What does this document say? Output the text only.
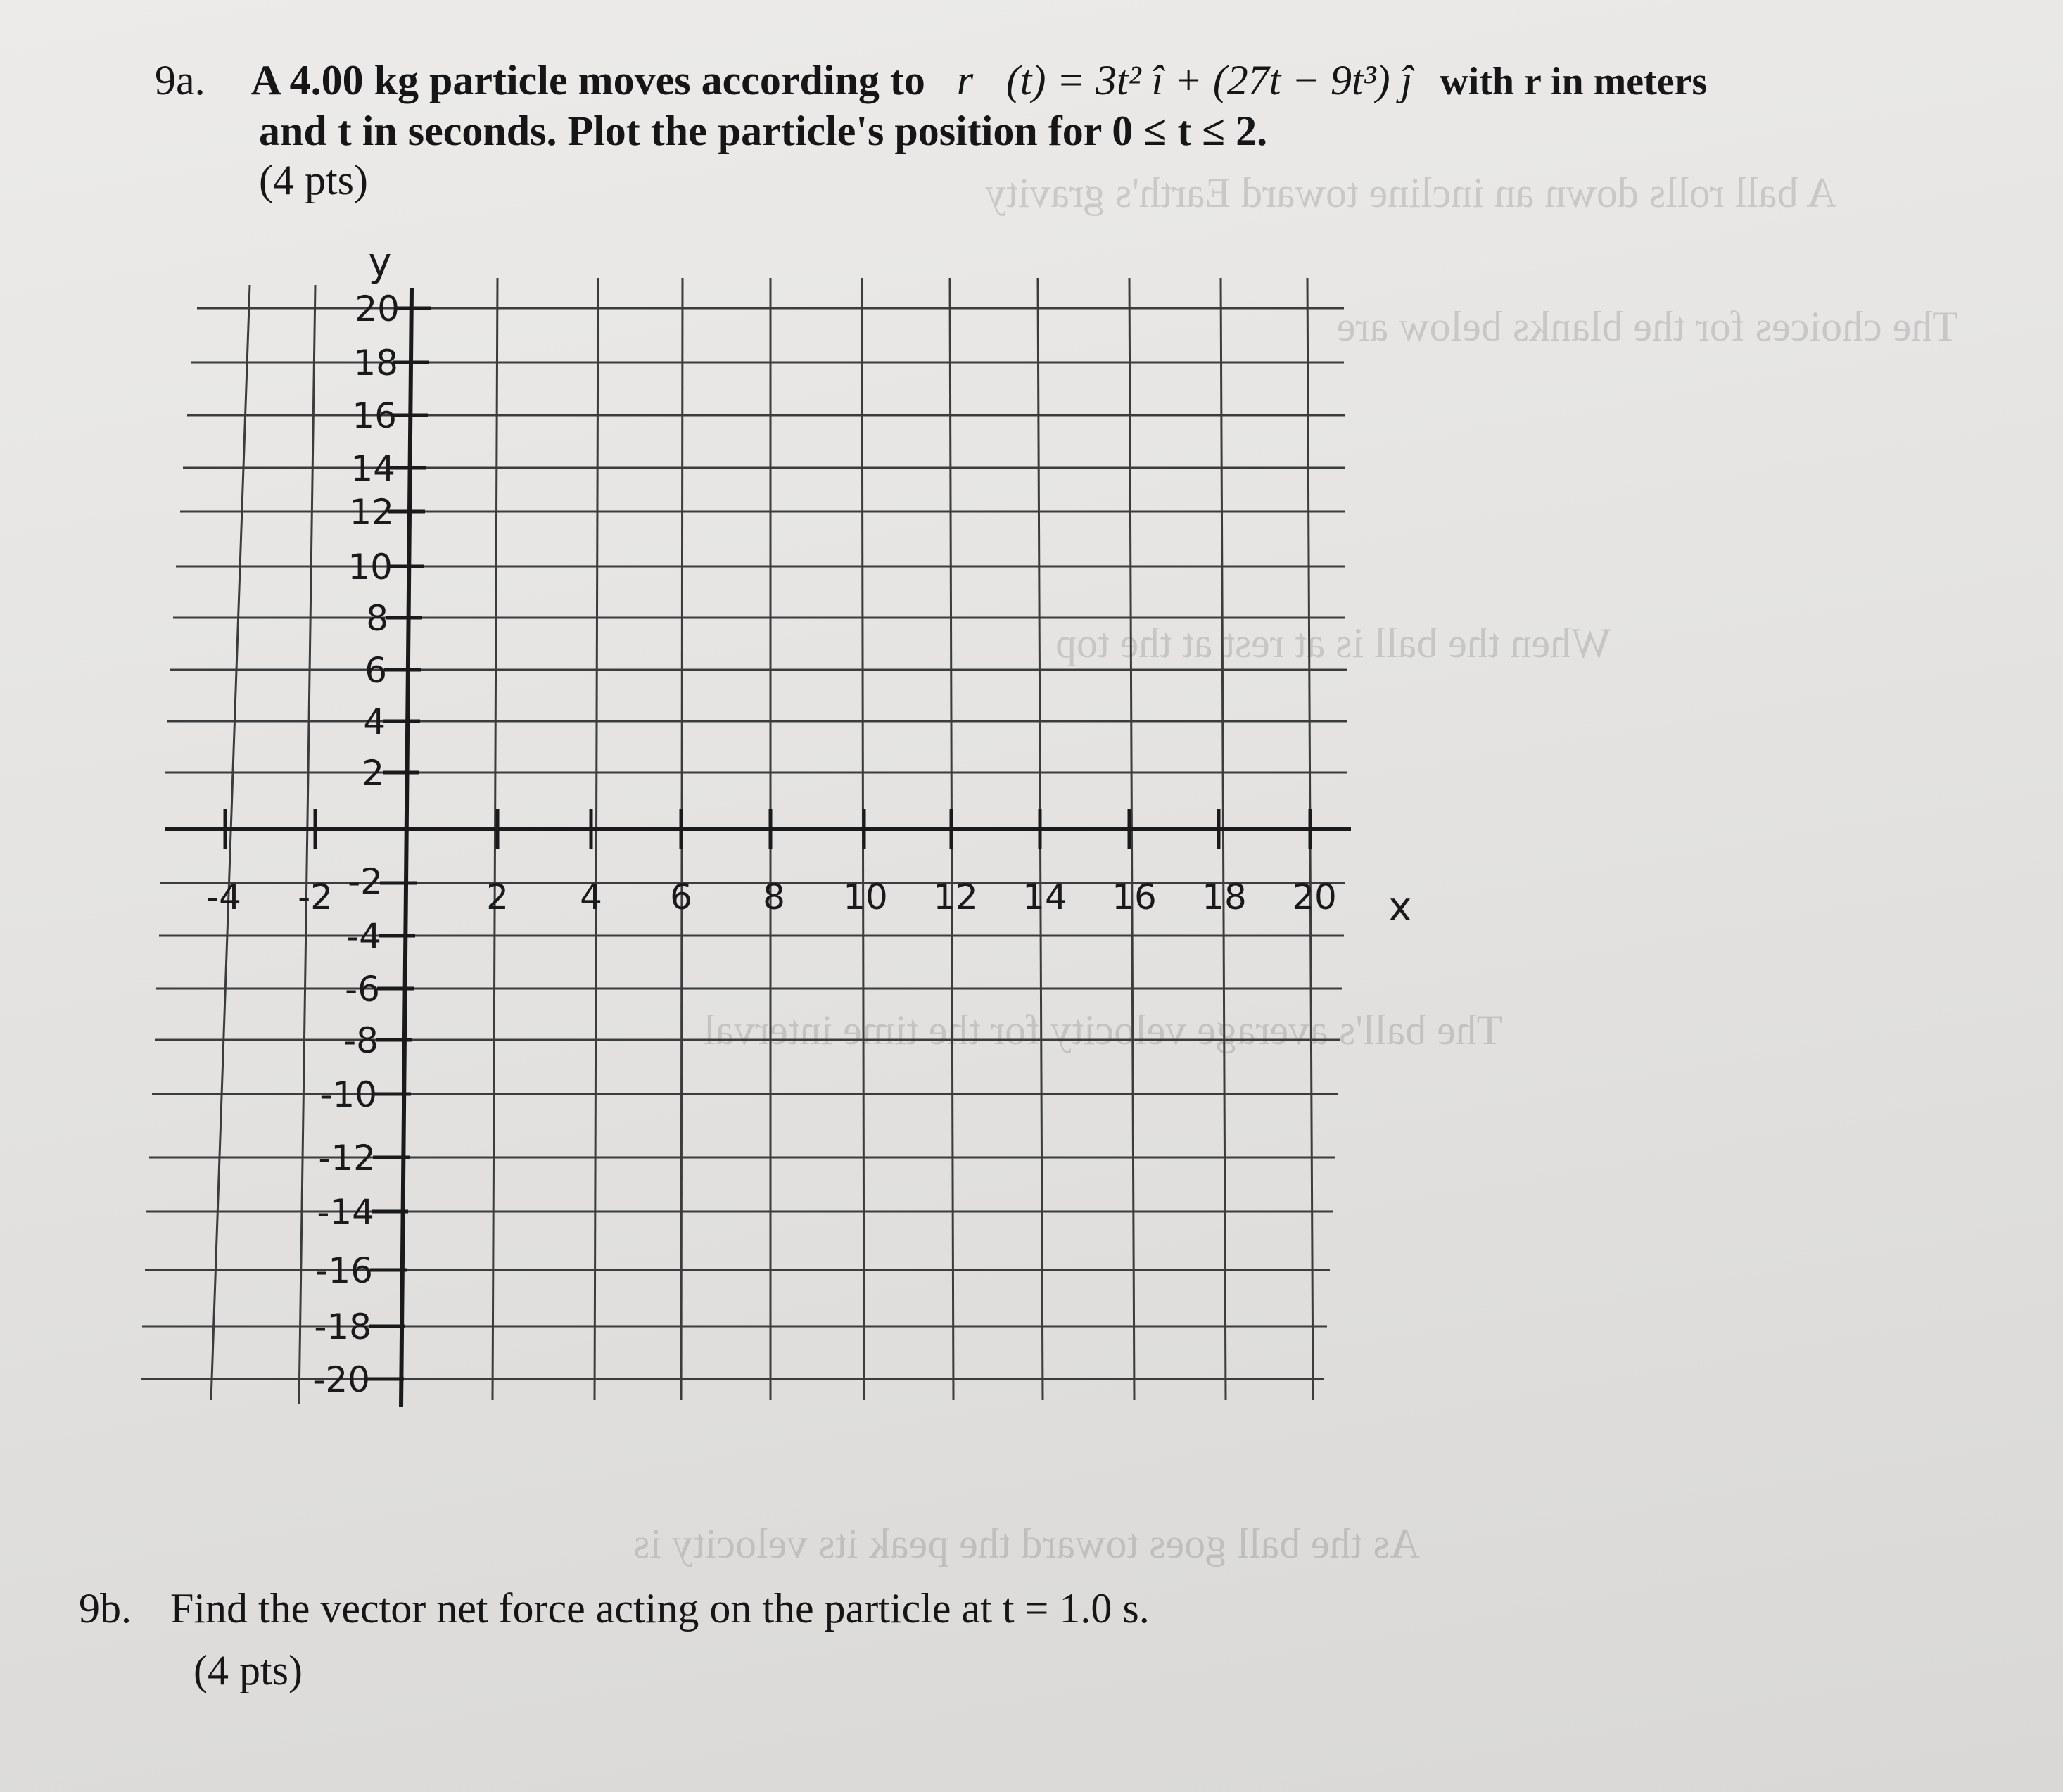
A ball rolls down an incline toward Earth's gravity
The choices for the blanks below are
When the ball is at rest at the top
The ball's average velocity for the time interval
As the ball goes toward the peak its velocity is
9a. A 4.00 kg particle moves according to r⃗(t) = 3t² î + (27t − 9t³) ĵ with r in meters
and t in seconds. Plot the particle's position for 0 ≤ t ≤ 2.
(4 pts)
y
-4 -2	2 4 6 8 10 12 14 16 18 20 x
20
18
16
14
12
10
8
6
4
2
-2
-4
-6
-8
-10
-12
-14
-16
-18
-20
9b. Find the vector net force acting on the particle at t = 1.0 s.
(4 pts)
